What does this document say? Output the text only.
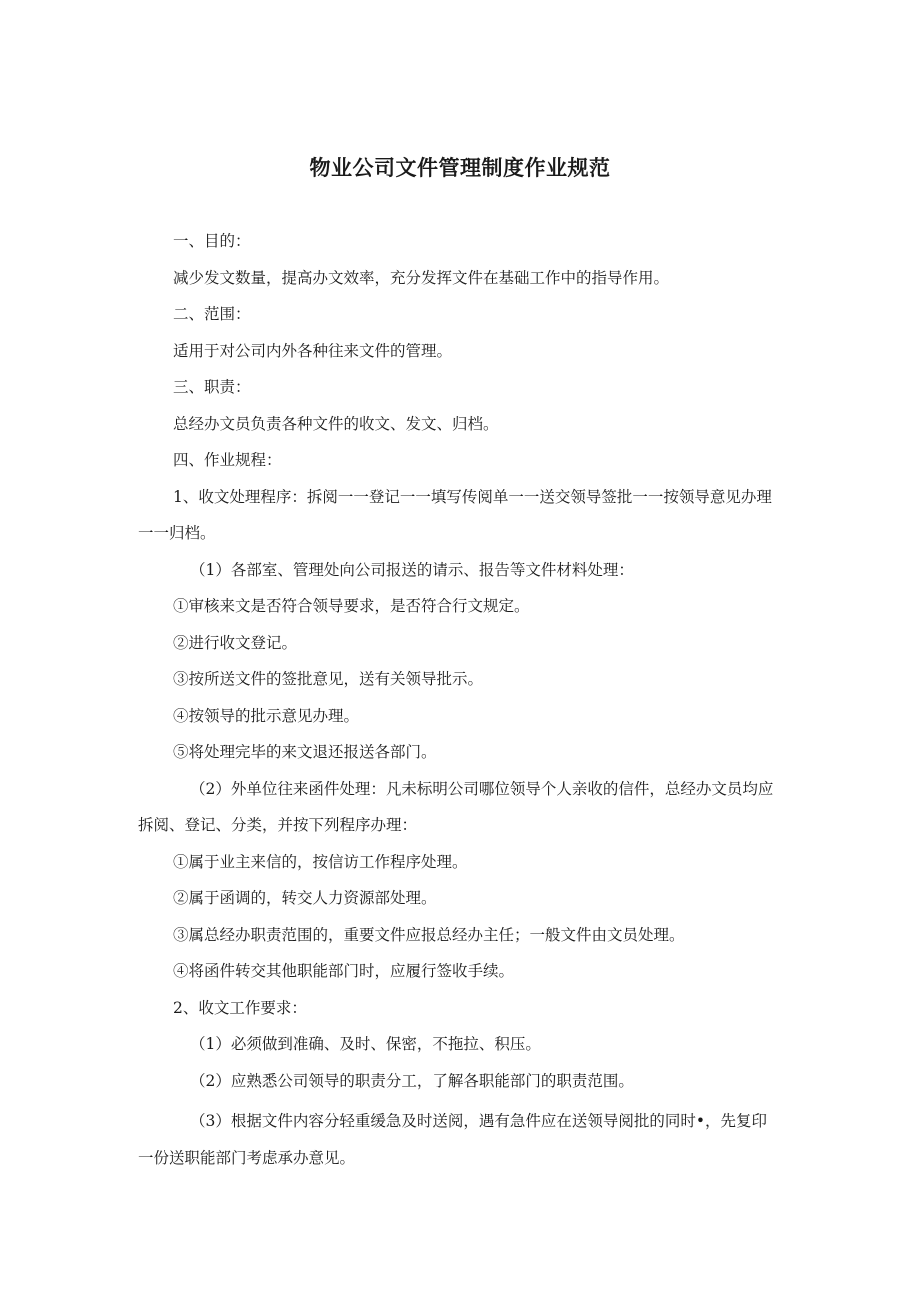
物业公司文件管理制度作业规范

一、目的：

减少发文数量，提高办文效率，充分发挥文件在基础工作中的指导作用。

二、范围：

适用于对公司内外各种往来文件的管理。

三、职责：

总经办文员负责各种文件的收文、发文、归档。

四、作业规程：

1、收文处理程序：拆阅一一登记一一填写传阅单一一送交领导签批一一按领导意见办理一一归档。

（1）各部室、管理处向公司报送的请示、报告等文件材料处理：

①审核来文是否符合领导要求，是否符合行文规定。

②进行收文登记。

③按所送文件的签批意见，送有关领导批示。

④按领导的批示意见办理。

⑤将处理完毕的来文退还报送各部门。

（2）外单位往来函件处理：凡未标明公司哪位领导个人亲收的信件，总经办文员均应拆阅、登记、分类，并按下列程序办理：

①属于业主来信的，按信访工作程序处理。

②属于函调的，转交人力资源部处理。

③属总经办职责范围的，重要文件应报总经办主任；一般文件由文员处理。

④将函件转交其他职能部门时，应履行签收手续。

2、收文工作要求：

（1）必须做到准确、及时、保密，不拖拉、积压。

（2）应熟悉公司领导的职责分工，了解各职能部门的职责范围。

（3）根据文件内容分轻重缓急及时送阅，遇有急件应在送领导阅批的同时•，先复印一份送职能部门考虑承办意见。
